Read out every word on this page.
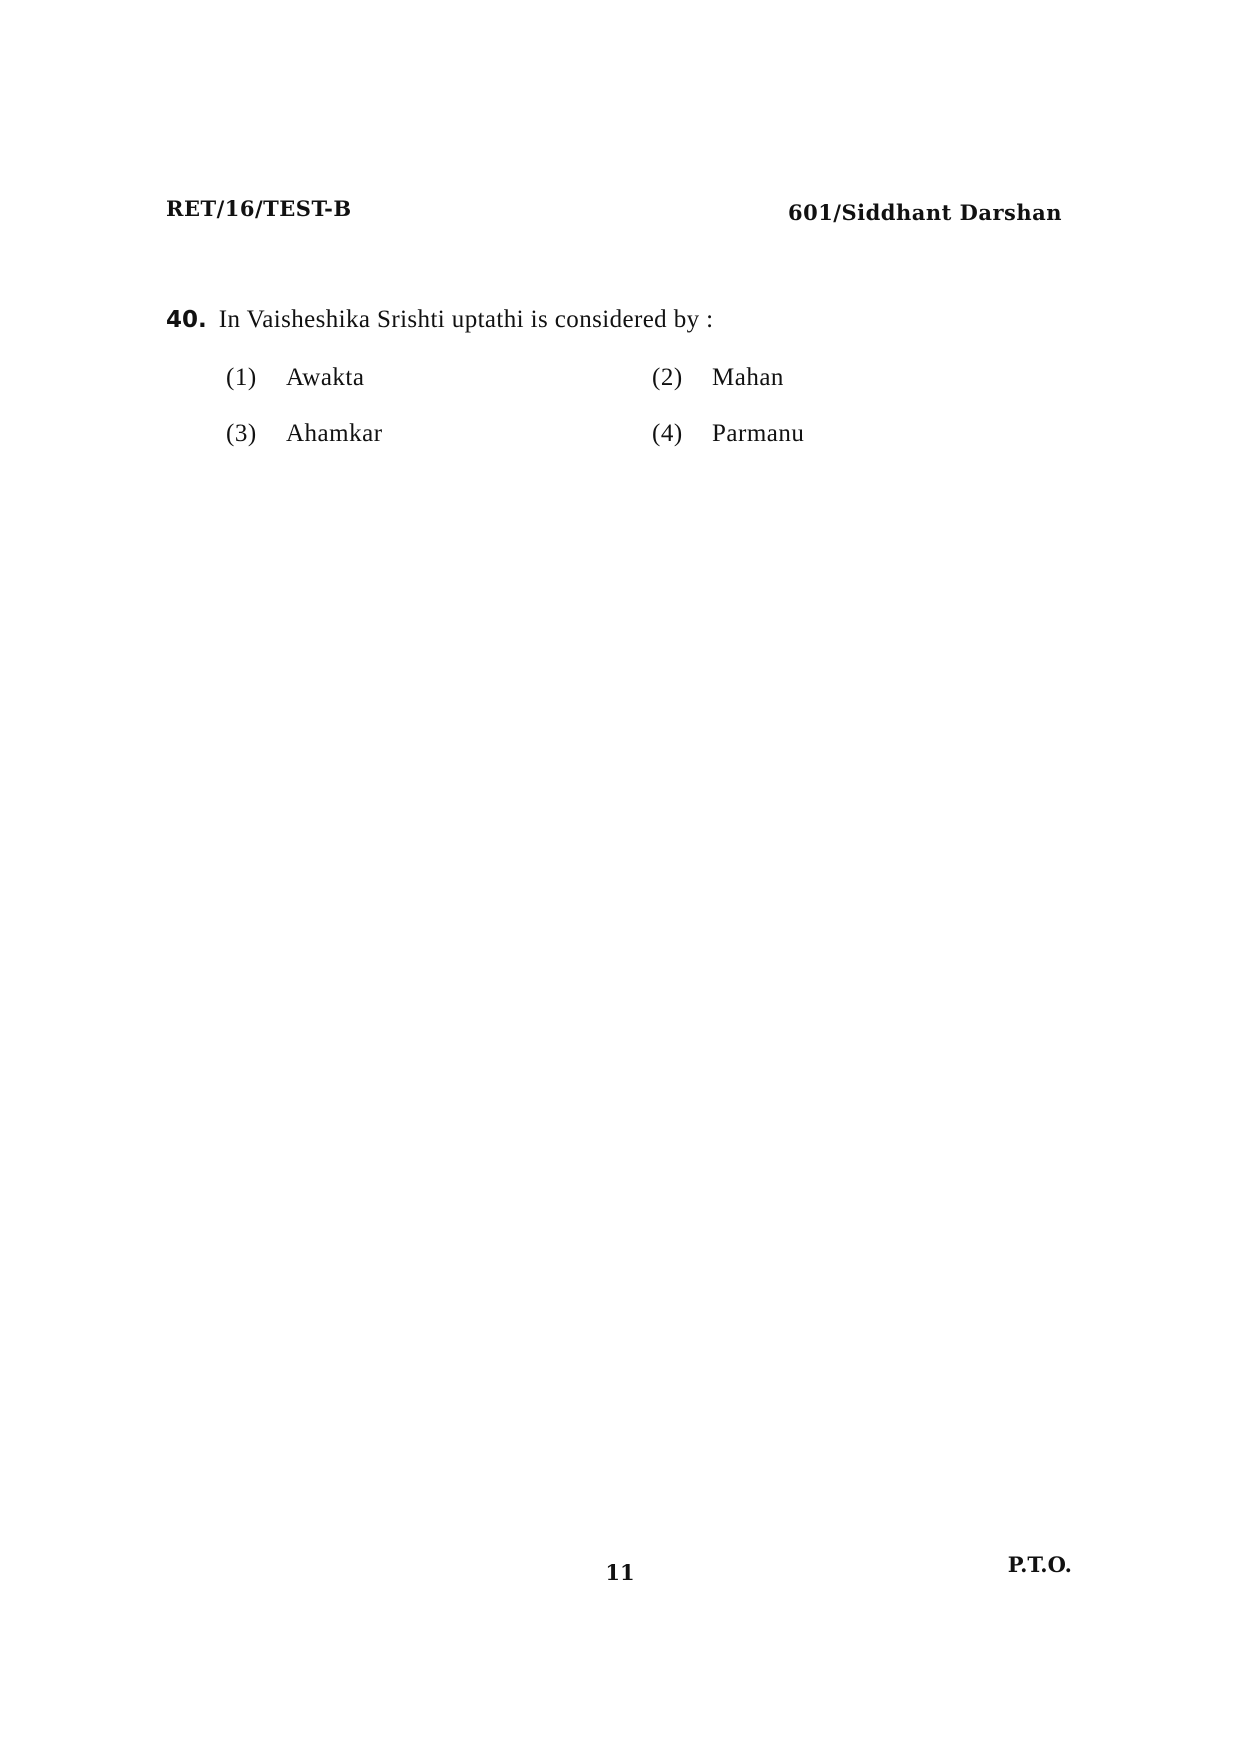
RET/16/TEST-B	601/Siddhant Darshan
40. In Vaisheshika Srishti uptathi is considered by :
(1) Awakta	(2) Mahan
(3) Ahamkar	(4) Parmanu
11	P.T.O.
